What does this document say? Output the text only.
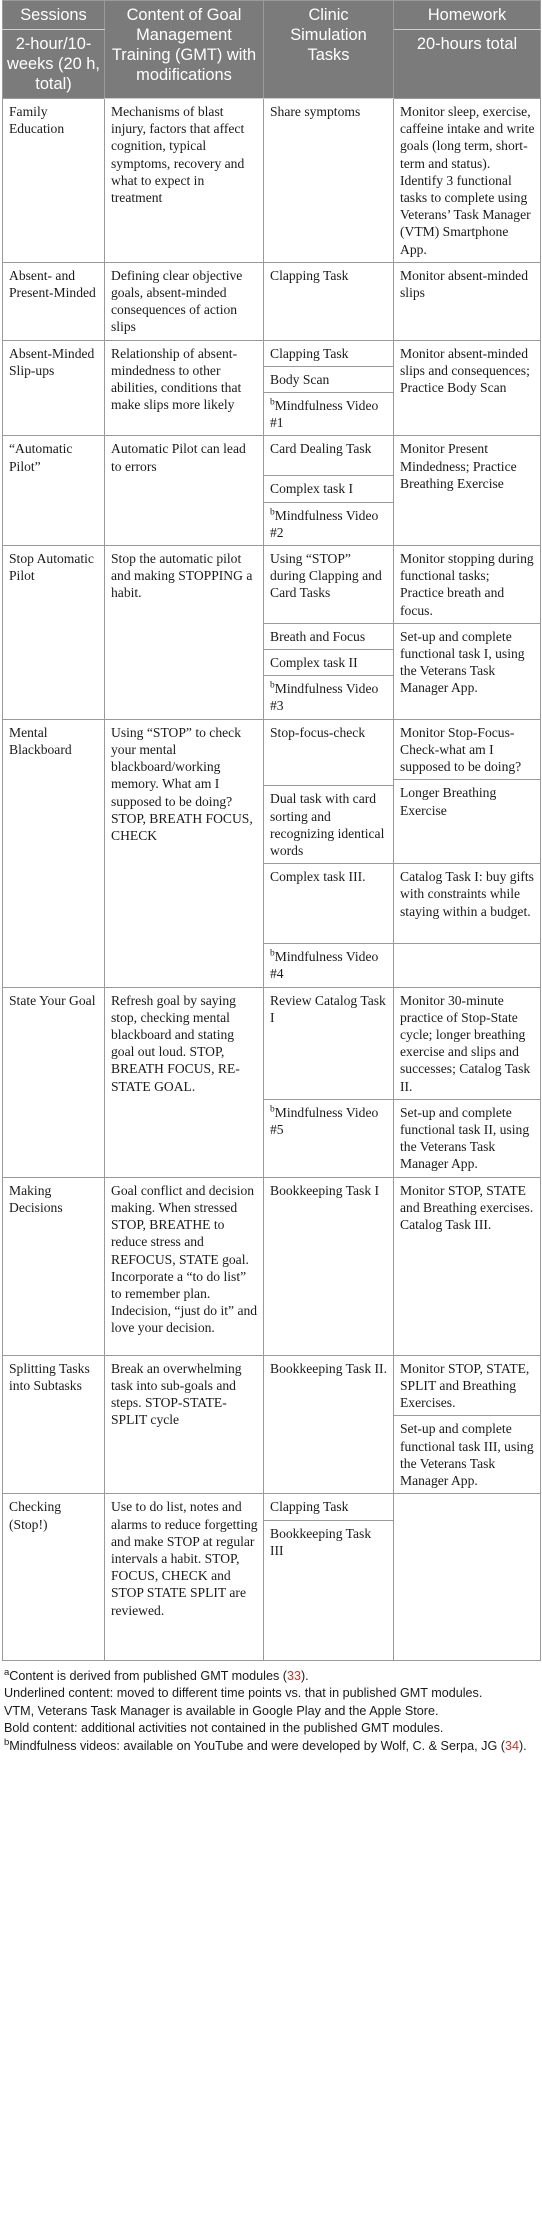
Sessions	Content of Goal Management Training (GMT) with modifications	Clinic Simulation Tasks	Homework
2-hour/10-weeks (20 h, total)			20-hours total
Family Education	Mechanisms of blast injury, factors that affect cognition, typical symptoms, recovery and what to expect in treatment	Share symptoms	Monitor sleep, exercise, caffeine intake and write goals (long term, short-term and status). Identify 3 functional tasks to complete using Veterans’ Task Manager (VTM) Smartphone App.
Absent- and Present-Minded	Defining clear objective goals, absent-minded consequences of action slips	Clapping Task	Monitor absent-minded slips
Absent-Minded Slip-ups	Relationship of absent-mindedness to other abilities, conditions that make slips more likely	Clapping Task	Monitor absent-minded slips and consequences; Practice Body Scan
		Body Scan	
		$^b$Mindfulness Video #1	
“Automatic Pilot”	Automatic Pilot can lead to errors	Card Dealing Task	Monitor Present Mindedness; Practice Breathing Exercise
		Complex task I	
		$^b$Mindfulness Video #2	
Stop Automatic Pilot	Stop the automatic pilot and making STOPPING a habit.	Using “STOP” during Clapping and Card Tasks	Monitor stopping during functional tasks; Practice breath and focus.
		Breath and Focus	Set-up and complete functional task I, using the Veterans Task Manager App.
		Complex task II	
		$^b$Mindfulness Video #3	
Mental Blackboard	Using “STOP” to check your mental blackboard/working memory. What am I supposed to be doing? STOP, BREATH FOCUS, CHECK	Stop-focus-check	Monitor Stop-Focus-Check-what am I supposed to be doing?
			Longer Breathing Exercise
		Dual task with card sorting and recognizing identical words	
		Complex task III.	Catalog Task I: buy gifts with constraints while staying within a budget.
		$^b$Mindfulness Video #4	
State Your Goal	Refresh goal by saying stop, checking mental blackboard and stating goal out loud. STOP, BREATH FOCUS, RE-STATE GOAL.	Review Catalog Task I	Monitor 30-minute practice of Stop-State cycle; longer breathing exercise and slips and successes; Catalog Task II.
		$^b$Mindfulness Video #5	Set-up and complete functional task II, using the Veterans Task Manager App.
Making Decisions	Goal conflict and decision making. When stressed STOP, BREATHE to reduce stress and REFOCUS, STATE goal. Incorporate a “to do list” to remember plan. Indecision, “just do it” and love your decision.	Bookkeeping Task I	Monitor STOP, STATE and Breathing exercises. Catalog Task III.
Splitting Tasks into Subtasks	Break an overwhelming task into sub-goals and steps. STOP-STATE-SPLIT cycle	Bookkeeping Task II.	Monitor STOP, STATE, SPLIT and Breathing Exercises.
			Set-up and complete functional task III, using the Veterans Task Manager App.
Checking (Stop!)	Use to do list, notes and alarms to reduce forgetting and make STOP at regular intervals a habit. STOP, FOCUS, CHECK and STOP STATE SPLIT are reviewed.	Clapping Task	
		Bookkeeping Task III	

$^a$Content is derived from published GMT modules (33).

Underlined content: moved to different time points vs. that in published GMT modules.

VTM, Veterans Task Manager is available in Google Play and the Apple Store.

Bold content: additional activities not contained in the published GMT modules.

$^b$Mindfulness videos: available on YouTube and were developed by Wolf, C. & Serpa, JG (34).
